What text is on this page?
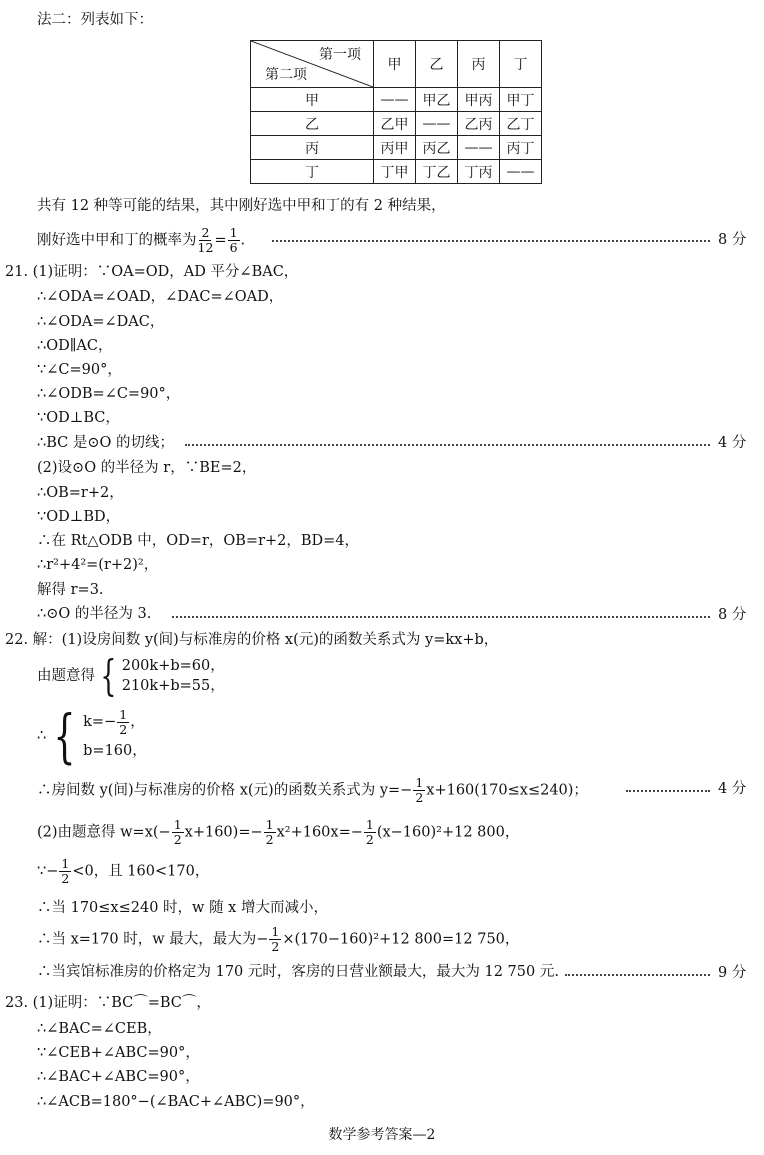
法二：列表如下：
第一项
第二项	甲	乙	丙	丁
甲	——	甲乙	甲丙	甲丁
乙	乙甲	——	乙丙	乙丁
丙	丙甲	丙乙	——	丙丁
丁	丁甲	丁乙	丁丙	——
共有 12 种等可能的结果，其中刚好选中甲和丁的有 2 种结果，
刚好选中甲和丁的概率为 $\frac{2}{12} = \frac{1}{6}$ .	8 分
21. (1)证明：∵OA=OD，AD 平分∠BAC，
∴∠ODA=∠OAD，∠DAC=∠OAD，
∴∠ODA=∠DAC，
∴OD∥AC，
∵∠C=90°，
∴∠ODB=∠C=90°，
∵OD⊥BC，
∴BC 是⊙O 的切线；	4 分
(2)设⊙O 的半径为 r，∵BE=2，
∴OB=r+2，
∵OD⊥BD，
∴在 Rt△ODB 中，OD=r，OB=r+2，BD=4，
∴r²+4²=(r+2)²，
解得 r=3.
∴⊙O 的半径为 3.	8 分
22. 解：(1)设房间数 y(间)与标准房的价格 x(元)的函数关系式为 y=kx+b，
由题意得 { 200k+b=60，
210k+b=55，
∴ { $k=- \frac{1}{2}$ ，
b=160，
∴房间数 y(间)与标准房的价格 x(元)的函数关系式为 $y=- \frac{1}{2} x+160(170\le x\le 240)$；	4 分
(2)由题意得 $w=x(- \frac{1}{2} x+160)=- \frac{1}{2} x^2+160x=- \frac{1}{2} (x-160)^2+12$ 800，
∵− $\frac{1}{2} <0$，且 160<170，
∴当 170≤x≤240 时，w 随 x 增大而减小，
∴当 x=170 时，w 最大，最大为− $\frac{1}{2} \times(170-160)^2+12$ 800=12 750，
∴当宾馆标准房的价格定为 170 元时，客房的日营业额最大，最大为 12 750 元.	9 分
23. (1)证明：∵BC⌒=BC⌒，
∴∠BAC=∠CEB，
∵∠CEB+∠ABC=90°，
∴∠BAC+∠ABC=90°，
∴∠ACB=180°−(∠BAC+∠ABC)=90°，
数学参考答案—2
